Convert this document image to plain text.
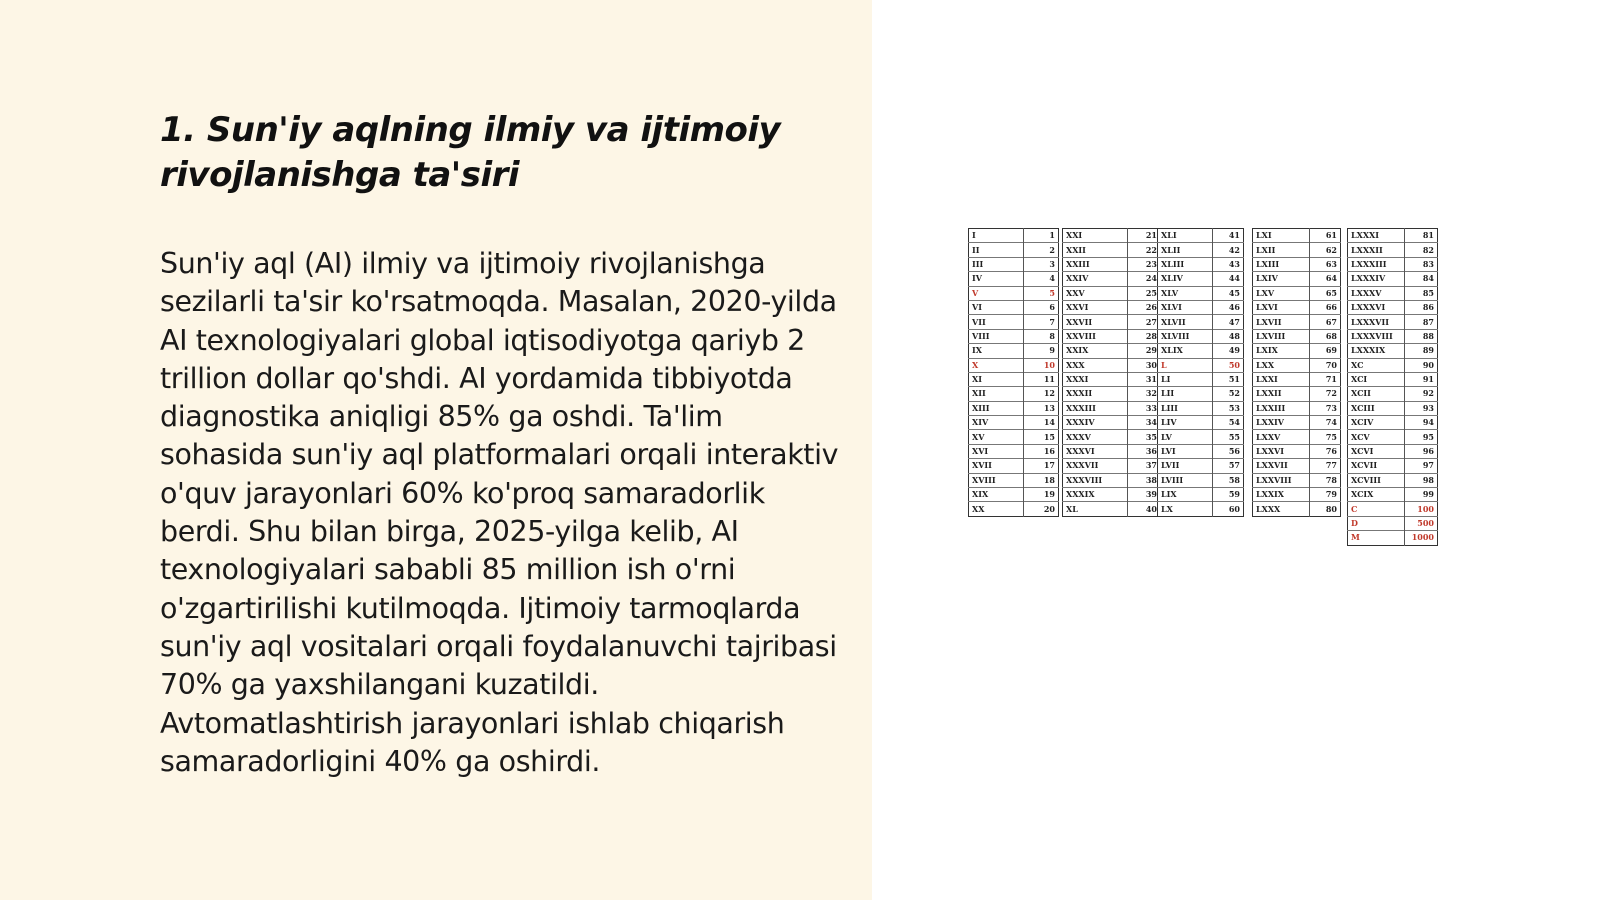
1. Sun'iy aqlning ilmiy va ijtimoiy rivojlanishga ta'siri

Sun'iy aql (AI) ilmiy va ijtimoiy rivojlanishga sezilarli ta'sir ko'rsatmoqda. Masalan, 2020-yilda AI texnologiyalari global iqtisodiyotga qariyb 2 trillion dollar qo'shdi. AI yordamida tibbiyotda diagnostika aniqligi 85% ga oshdi. Ta'lim sohasida sun'iy aql platformalari orqali interaktiv o'quv jarayonlari 60% ko'proq samaradorlik berdi. Shu bilan birga, 2025-yilga kelib, AI texnologiyalari sababli 85 million ish o'rni o'zgartirilishi kutilmoqda. Ijtimoiy tarmoqlarda sun'iy aql vositalari orqali foydalanuvchi tajribasi 70% ga yaxshilangani kuzatildi. Avtomatlashtirish jarayonlari ishlab chiqarish samaradorligini 40% ga oshirdi.

I	1
II	2
III	3
IV	4
V	5
VI	6
VII	7
VIII	8
IX	9
X	10
XI	11
XII	12
XIII	13
XIV	14
XV	15
XVI	16
XVII	17
XVIII	18
XIX	19
XX	20
XXI	21
XXII	22
XXIII	23
XXIV	24
XXV	25
XXVI	26
XXVII	27
XXVIII	28
XXIX	29
XXX	30
XXXI	31
XXXII	32
XXXIII	33
XXXIV	34
XXXV	35
XXXVI	36
XXXVII	37
XXXVIII	38
XXXIX	39
XL	40
XLI	41
XLII	42
XLIII	43
XLIV	44
XLV	45
XLVI	46
XLVII	47
XLVIII	48
XLIX	49
L	50
LI	51
LII	52
LIII	53
LIV	54
LV	55
LVI	56
LVII	57
LVIII	58
LIX	59
LX	60
LXI	61
LXII	62
LXIII	63
LXIV	64
LXV	65
LXVI	66
LXVII	67
LXVIII	68
LXIX	69
LXX	70
LXXI	71
LXXII	72
LXXIII	73
LXXIV	74
LXXV	75
LXXVI	76
LXXVII	77
LXXVIII	78
LXXIX	79
LXXX	80
LXXXI	81
LXXXII	82
LXXXIII	83
LXXXIV	84
LXXXV	85
LXXXVI	86
LXXXVII	87
LXXXVIII	88
LXXXIX	89
XC	90
XCI	91
XCII	92
XCIII	93
XCIV	94
XCV	95
XCVI	96
XCVII	97
XCVIII	98
XCIX	99
C	100
D	500
M	1000
